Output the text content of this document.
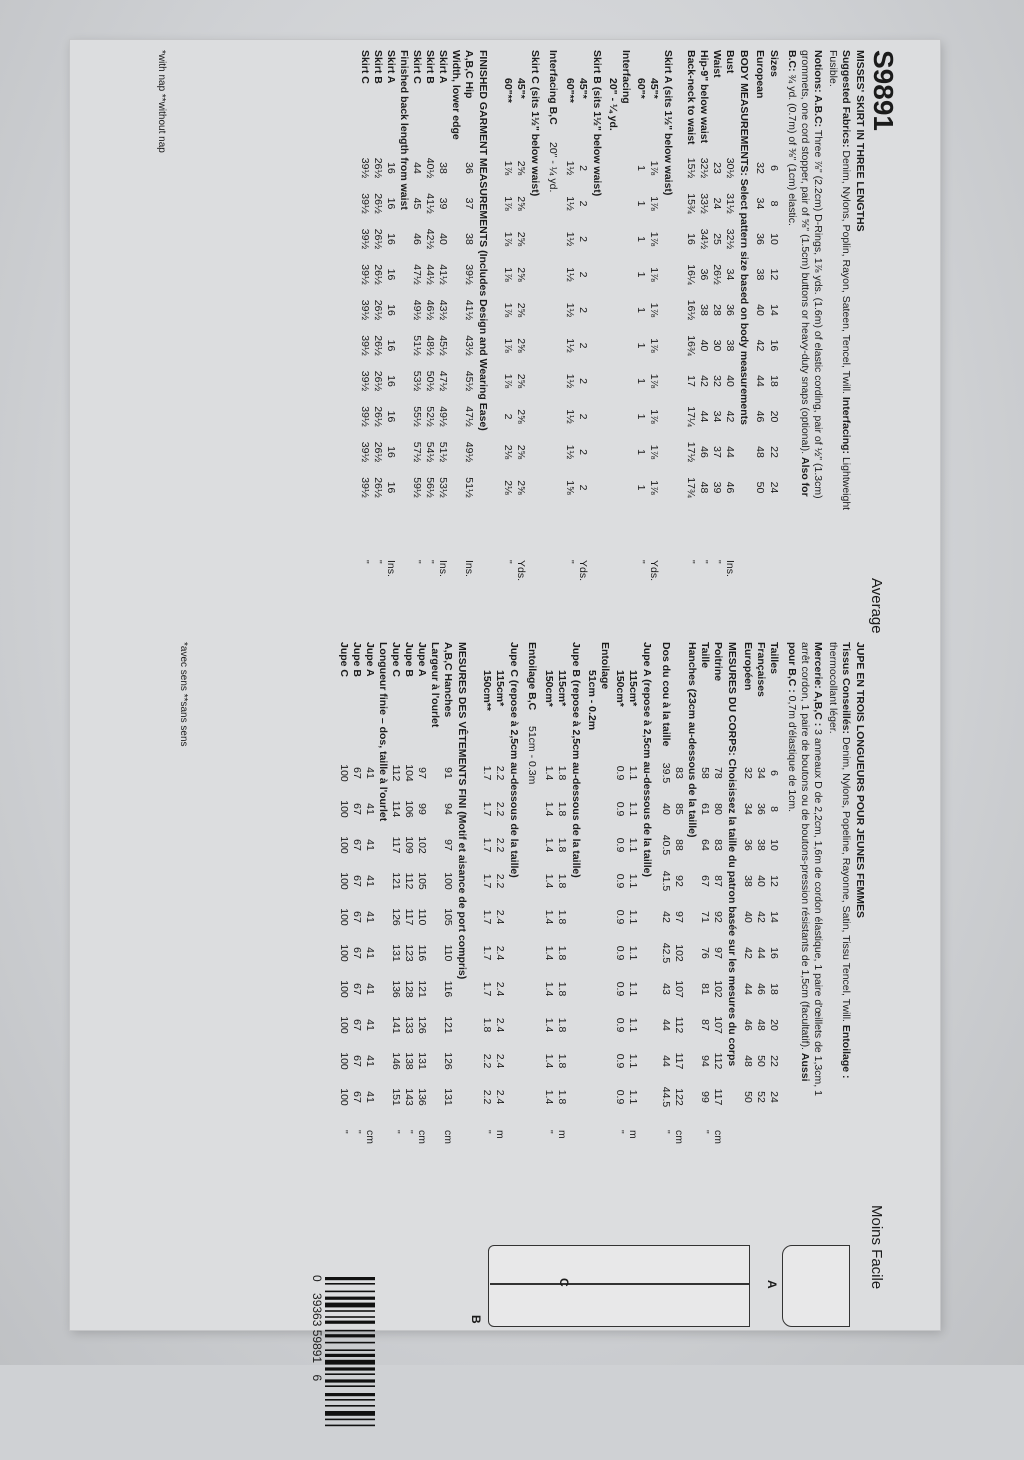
S9891
Average
MISSES' SKIRT IN THREE LENGTHS
Suggested Fabrics: Denim, Nylons, Poplin, Rayon, Sateen, Tencel, Twill. Interfacing: Lightweight
Fusible.
Notions: A.B.C: Three ⅞" (2.2cm) D-Rings, 1⅞ yds. (1.6m) of elastic cording, pair of ½" (1.3cm)
grommets, one cord stopper, pair of ⅝" (1.5cm) buttons or heavy-duty snaps (optional). Also for
B.C: ¾ yd. (0.7m) of ⅜" (1cm) elastic.
*with nap **without nap
Moins Facile
JUPE EN TROIS LONGUEURS POUR JEUNES FEMMES
Tissus Conseillés: Denim, Nylons, Popeline, Rayonne, Satin, Tissu Tencel, Twill. Entoilage :
thermocollant léger.
Mercerie: A,B,C : 3 anneaux D de 2,2cm, 1,6m de cordon élastique, 1 paire d'œillets de 1,3cm, 1
arrêt cordon, 1 paire de boutons ou de boutons-pression résistants de 1,5cm (facultatif). Aussi
pour B,C : 0,7m d'élastique de 1cm.
*avec sens **sans sens
A
B
C
0 39363 59891 6
Sizes
6
8
10
12
14
16
18
20
22
24
European
32
34
36
38
40
42
44
46
48
50
BODY MEASUREMENTS: Select pattern size based on body measurements
Bust
30½
31½
32½
34
36
38
40
42
44
46
Ins.
Waist
23
24
25
26½
28
30
32
34
37
39
"
Hip-9" below waist
32½
33½
34½
36
38
40
42
44
46
48
"
Back-neck to waist
15½
15¾
16
16¼
16½
16¾
17
17¼
17½
17¾
"
Skirt A (sits 1½" below waist)
45"*
1⅞
1⅞
1⅞
1⅞
1⅞
1⅞
1⅞
1⅞
1⅞
1⅞
Yds.
60"*
1
1
1
1
1
1
1
1
1
1
"
Interfacing
20" - ¼ yd.
Skirt B (sits 1½" below waist)
45"*
2
2
2
2
2
2
2
2
2
2
Yds.
60"**
1½
1½
1½
1½
1½
1½
1½
1½
1½
1⅝
"
Interfacing B,C
20" - ¼ yd.
Skirt C (sits 1½" below waist)
45"*
2⅝
2⅝
2⅝
2⅝
2⅝
2⅝
2⅝
2⅝
2⅝
2⅝
Yds.
60"**
1⅞
1⅞
1⅞
1⅞
1⅞
1⅞
1⅞
2
2⅛
2⅛
"
FINISHED GARMENT MEASUREMENTS (Includes Design and Wearing Ease)
A,B,C Hip
36
37
38
39½
41½
43½
45½
47½
49½
51½
Ins.
Width, lower edge
Skirt A
38
39
40
41½
43½
45½
47½
49½
51½
53½
Ins.
Skirt B
40½
41½
42½
44½
46½
48½
50½
52½
54½
56½
"
Skirt C
44
45
46
47½
49½
51½
53½
55½
57½
59½
"
Finished back length from waist
Skirt A
16
16
16
16
16
16
16
16
16
16
Ins.
Skirt B
26½
26½
26½
26½
26½
26½
26½
26½
26½
26½
"
Skirt C
39½
39½
39½
39½
39½
39½
39½
39½
39½
39½
"
Tailles
6
8
10
12
14
16
18
20
22
24
Françaises
34
36
38
40
42
44
46
48
50
52
Européen
32
34
36
38
40
42
44
46
48
50
MESURES DU CORPS: Choisissez la taille du patron basée sur les mesures du corps
Poitrine
78
80
83
87
92
97
102
107
112
117
cm
Taille
58
61
64
67
71
76
81
87
94
99
"
Hanches (23cm au-dessous de la taille)
83
85
88
92
97
102
107
112
117
122
cm
Dos du cou à la taille
39.5
40
40.5
41.5
42
42.5
43
44
44
44.5
"
Jupe A (repose à 2,5cm au-dessous de la taille)
115cm*
1.1
1.1
1.1
1.1
1.1
1.1
1.1
1.1
1.1
1.1
m
150cm*
0.9
0.9
0.9
0.9
0.9
0.9
0.9
0.9
0.9
0.9
"
Entoilage
51cm - 0.2m
Jupe B (repose à 2,5cm au-dessous de la taille)
115cm*
1.8
1.8
1.8
1.8
1.8
1.8
1.8
1.8
1.8
1.8
m
150cm*
1.4
1.4
1.4
1.4
1.4
1.4
1.4
1.4
1.4
1.4
"
Entoilage B,C
51cm - 0.3m
Jupe C (repose à 2,5cm au-dessous de la taille)
115cm*
2.2
2.2
2.2
2.2
2.4
2.4
2.4
2.4
2.4
2.4
m
150cm**
1.7
1.7
1.7
1.7
1.7
1.7
1.7
1.8
2.2
2.2
"
MESURES DES VÊTEMENTS FINI (Motif et aisance de port compris)
A,B,C Hanches
91
94
97
100
105
110
116
121
126
131
cm
Largeur à l'ourlet
Jupe A
97
99
102
105
110
116
121
126
131
136
cm
Jupe B
104
106
109
112
117
123
128
133
138
143
"
Jupe C
112
114
117
121
126
131
136
141
146
151
"
Longueur finie – dos, taille à l'ourlet
Jupe A
41
41
41
41
41
41
41
41
41
41
cm
Jupe B
67
67
67
67
67
67
67
67
67
67
"
Jupe C
100
100
100
100
100
100
100
100
100
100
"
